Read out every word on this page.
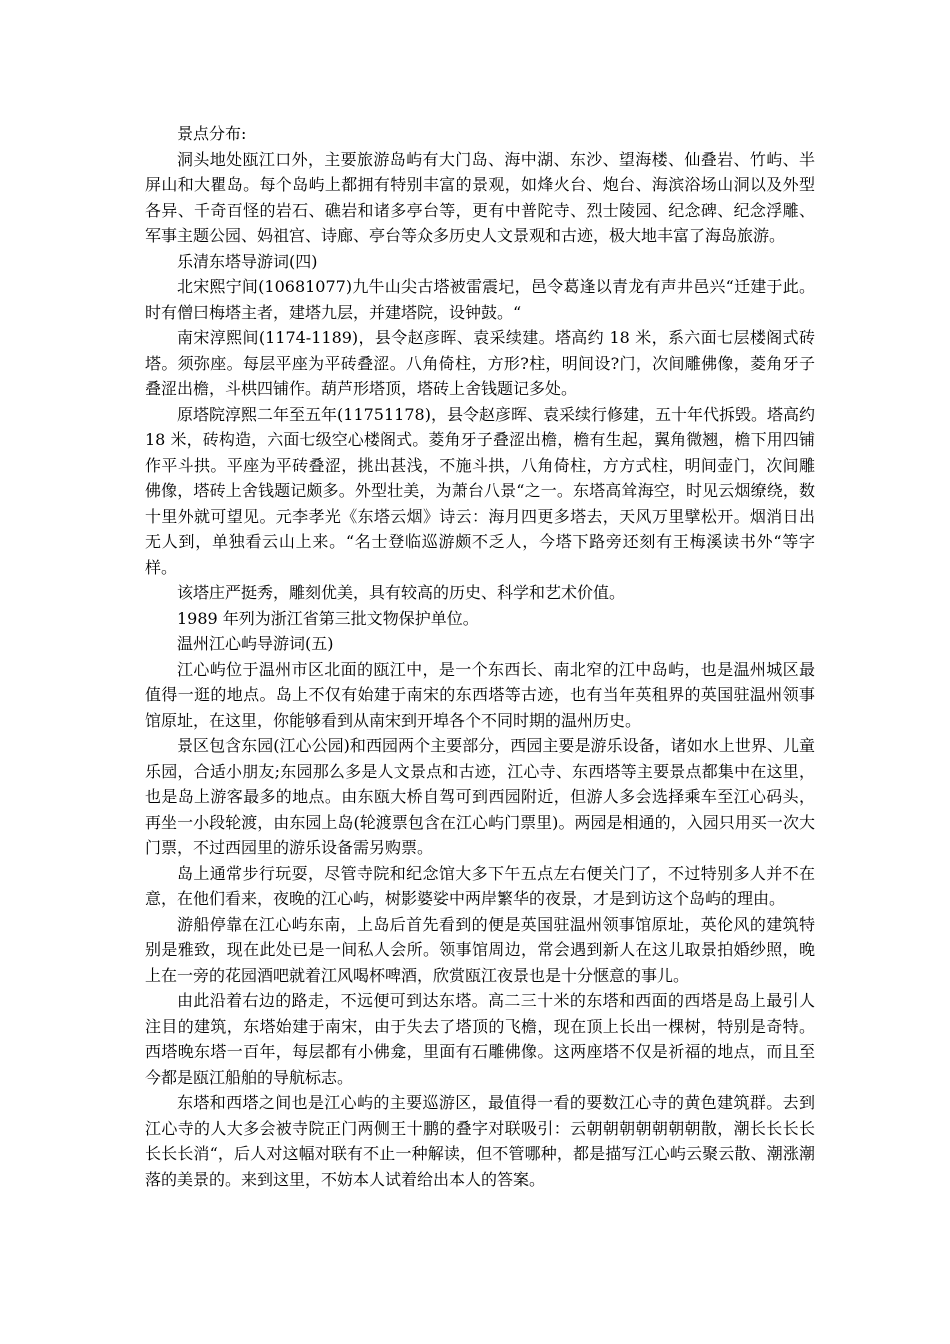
景点分布:

洞头地处瓯江口外，主要旅游岛屿有大门岛、海中湖、东沙、望海楼、仙叠岩、竹屿、半屏山和大瞿岛。每个岛屿上都拥有特别丰富的景观，如烽火台、炮台、海滨浴场山洞以及外型各异、千奇百怪的岩石、礁岩和诸多亭台等，更有中普陀寺、烈士陵园、纪念碑、纪念浮雕、军事主题公园、妈祖宫、诗廊、亭台等众多历史人文景观和古迹，极大地丰富了海岛旅游。

乐清东塔导游词(四)

北宋熙宁间(10681077)九牛山尖古塔被雷震圮，邑令葛逢以青龙有声井邑兴“迁建于此。时有僧曰梅塔主者，建塔九层，并建塔院，设钟鼓。“

南宋淳熙间(1174-1189)，县令赵彦晖、袁采续建。塔高约 18 米，系六面七层楼阁式砖塔。须弥座。每层平座为平砖叠涩。八角倚柱，方形?柱，明间设?门，次间雕佛像，菱角牙子叠涩出檐，斗栱四铺作。葫芦形塔顶，塔砖上舍钱题记多处。

原塔院淳熙二年至五年(11751178)，县令赵彦晖、袁采续行修建，五十年代拆毁。塔高约 18 米，砖构造，六面七级空心楼阁式。菱角牙子叠涩出檐，檐有生起，翼角微翘，檐下用四铺作平斗拱。平座为平砖叠涩，挑出甚浅，不施斗拱，八角倚柱，方方式柱，明间壶门，次间雕佛像，塔砖上舍钱题记颇多。外型壮美，为萧台八景“之一。东塔高耸海空，时见云烟缭绕，数十里外就可望见。元李孝光《东塔云烟》诗云：海月四更多塔去，天风万里擘松开。烟消日出无人到，单独看云山上来。“名士登临巡游颇不乏人，今塔下路旁还刻有王梅溪读书外“等字样。

该塔庄严挺秀，雕刻优美，具有较高的历史、科学和艺术价值。

1989 年列为浙江省第三批文物保护单位。

温州江心屿导游词(五)

江心屿位于温州市区北面的瓯江中，是一个东西长、南北窄的江中岛屿，也是温州城区最值得一逛的地点。岛上不仅有始建于南宋的东西塔等古迹，也有当年英租界的英国驻温州领事馆原址，在这里，你能够看到从南宋到开埠各个不同时期的温州历史。

景区包含东园(江心公园)和西园两个主要部分，西园主要是游乐设备，诸如水上世界、儿童乐园，合适小朋友;东园那么多是人文景点和古迹，江心寺、东西塔等主要景点都集中在这里，也是岛上游客最多的地点。由东瓯大桥自驾可到西园附近，但游人多会选择乘车至江心码头，再坐一小段轮渡，由东园上岛(轮渡票包含在江心屿门票里)。两园是相通的，入园只用买一次大门票，不过西园里的游乐设备需另购票。

岛上通常步行玩耍，尽管寺院和纪念馆大多下午五点左右便关门了，不过特别多人并不在意，在他们看来，夜晚的江心屿，树影婆娑中两岸繁华的夜景，才是到访这个岛屿的理由。

游船停靠在江心屿东南，上岛后首先看到的便是英国驻温州领事馆原址，英伦风的建筑特别是雅致，现在此处已是一间私人会所。领事馆周边，常会遇到新人在这儿取景拍婚纱照，晚上在一旁的花园酒吧就着江风喝杯啤酒，欣赏瓯江夜景也是十分惬意的事儿。

由此沿着右边的路走，不远便可到达东塔。高二三十米的东塔和西面的西塔是岛上最引人注目的建筑，东塔始建于南宋，由于失去了塔顶的飞檐，现在顶上长出一棵树，特别是奇特。西塔晚东塔一百年，每层都有小佛龛，里面有石雕佛像。这两座塔不仅是祈福的地点，而且至今都是瓯江船舶的导航标志。

东塔和西塔之间也是江心屿的主要巡游区，最值得一看的要数江心寺的黄色建筑群。去到江心寺的人大多会被寺院正门两侧王十鹏的叠字对联吸引：云朝朝朝朝朝朝朝散，潮长长长长长长长消“，后人对这幅对联有不止一种解读，但不管哪种，都是描写江心屿云聚云散、潮涨潮落的美景的。来到这里，不妨本人试着给出本人的答案。
